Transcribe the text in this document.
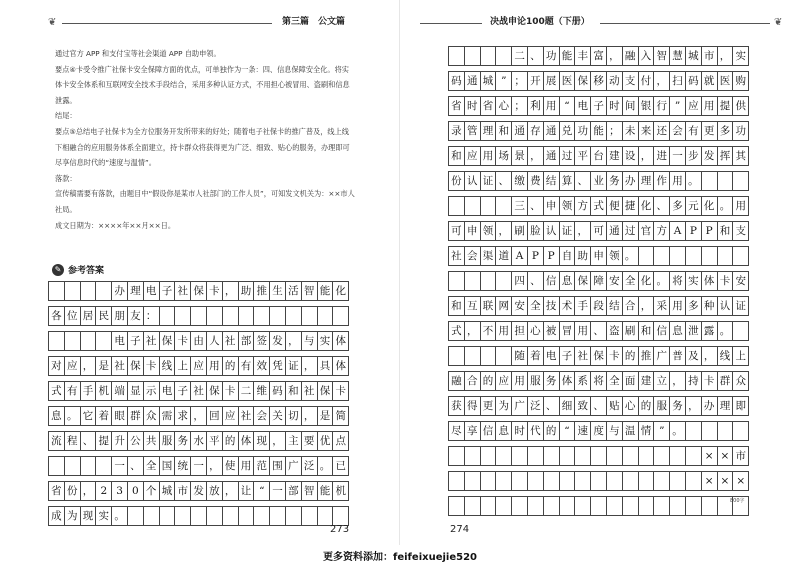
❦	第三篇 公文篇

通过官方 APP 和支付宝等社会渠道 APP 自助申领。

要点④卡受令推广社保卡安全保障方面的优点，可单独作为一条：四、信息保障安全化。将实体卡安全体系和互联网安全技术手段结合，采用多种认证方式，不用担心被冒用、盗刷和信息泄露。

结尾：

要点⑤总结电子社保卡为全方位服务开发所带来的好处；随着电子社保卡的推广普及，线上线下相融合的应用服务体系全面建立，持卡群众将获得更为广泛、细致、贴心的服务，办理即可尽享信息时代的“速度与温情”。

落款：

宣传稿需要有落款，由题目中“假设你是某市人社部门的工作人员”，可知发文机关为：××市人社局。

成文日期为：××××年××月××日。

✎ 参考答案
办 理 电 子 社 保 卡 ， 助 推 生 活 智 能 化
各 位 居 民 朋 友 ：
电 子 社 保 卡 由 人 社 部 签 发 ， 与 实 体
对 应 ， 是 社 保 卡 线 上 应 用 的 有 效 凭 证 ， 具 体
式 有 手 机 端 显 示 电 子 社 保 卡 二 维 码 和 社 保 卡
息 。 它 着 眼 群 众 需 求 ， 回 应 社 会 关 切 ， 是 简
流 程 、 提 升 公 共 服 务 水 平 的 体 现 ， 主 要 优 点
一 、 全 国 统 一 ， 使 用 范 围 广 泛 。 已
省 份 ， 2 3 0 个 城 市 发 放 ， 让 “ 一 部 智 能 机
成 为 现 实 。
273
决战申论100题（下册）	❦
二 、 功 能 丰 富 ， 融 入 智 慧 城 市 ， 实
码 通 城 ” ； 开 展 医 保 移 动 支 付 ， 扫 码 就 医 购
省 时 省 心 ； 利 用 “ 电 子 时 间 银 行 ” 应 用 提 供
录 管 理 和 通 存 通 兑 功 能 ； 未 来 还 会 有 更 多 功
和 应 用 场 景 ， 通 过 平 台 建 设 ， 进 一 步 发 挥 其
份 认 证 、 缴 费 结 算 、 业 务 办 理 作 用 。
三 、 申 领 方 式 便 捷 化 、 多 元 化 。 用
可 申 领 ， 刷 脸 认 证 ， 可 通 过 官 方 A P P 和 支
社 会 渠 道 A P P 自 助 申 领 。
四 、 信 息 保 障 安 全 化 。 将 实 体 卡 安
和 互 联 网 安 全 技 术 手 段 结 合 ， 采 用 多 种 认 证
式 ， 不 用 担 心 被 冒 用 、 盗 刷 和 信 息 泄 露 。
随 着 电 子 社 保 卡 的 推 广 普 及 ， 线 上
融 合 的 应 用 服 务 体 系 将 全 面 建 立 ， 持 卡 群 众
获 得 更 为 广 泛 、 细 致 、 贴 心 的 服 务 ， 办 理 即
尽 享 信 息 时 代 的 “ 速 度 与 温 情 ” 。
× × 市
× × ×
274
800字
更多资料添加：feifeixuejie520
